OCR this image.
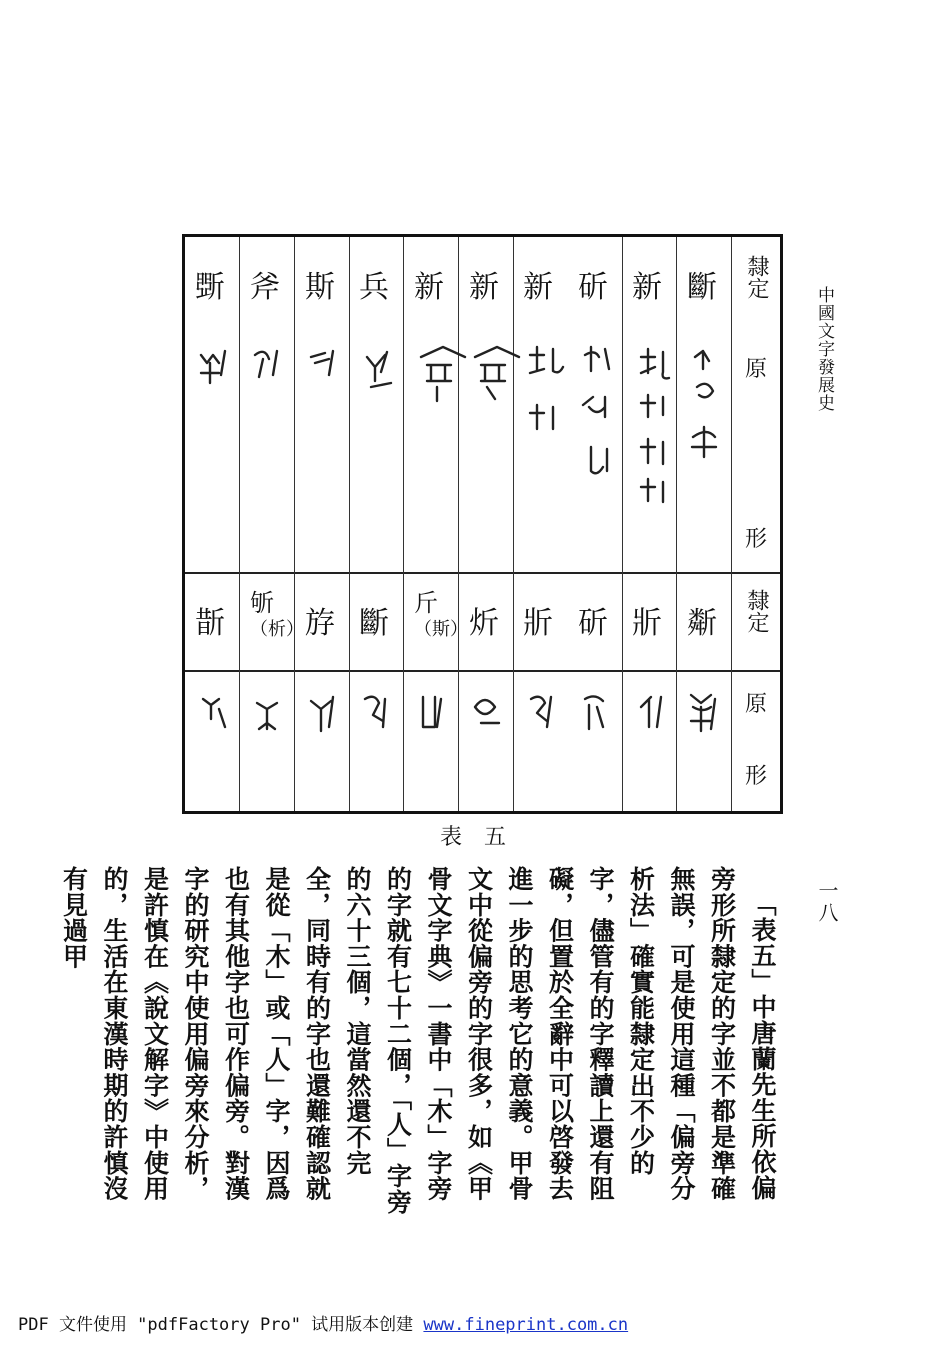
中國文字發展史
一八
隸定
原
形
隸定
原
形
斷
新
斫
新
新
新
兵
斯
斧
斲
斴
斨
斫
斨
炘
斤
（斯）
斷
斿
斪
（析）
斮
表五

「表五」中唐蘭先生所依偏旁形所隸定的字並不都是準確無誤，可是使用這種「偏旁分析法」確實能隸定出不少的字，儘管有的字釋讀上還有阻礙，但置於全辭中可以啓發去進一步的思考它的意義。甲骨文中從偏旁的字很多，如《甲骨文字典》一書中「木」字旁的字就有七十二個，「人」字旁的六十三個，這當然還不完全，同時有的字也還難確認就是從「木」或「人」字，因爲也有其他字也可作偏旁。對漢字的研究中使用偏旁來分析，是許慎在《說文解字》中使用的，生活在東漢時期的許慎沒有見過甲

PDF 文件使用 "pdfFactory Pro" 试用版本创建 www.fineprint.com.cn
